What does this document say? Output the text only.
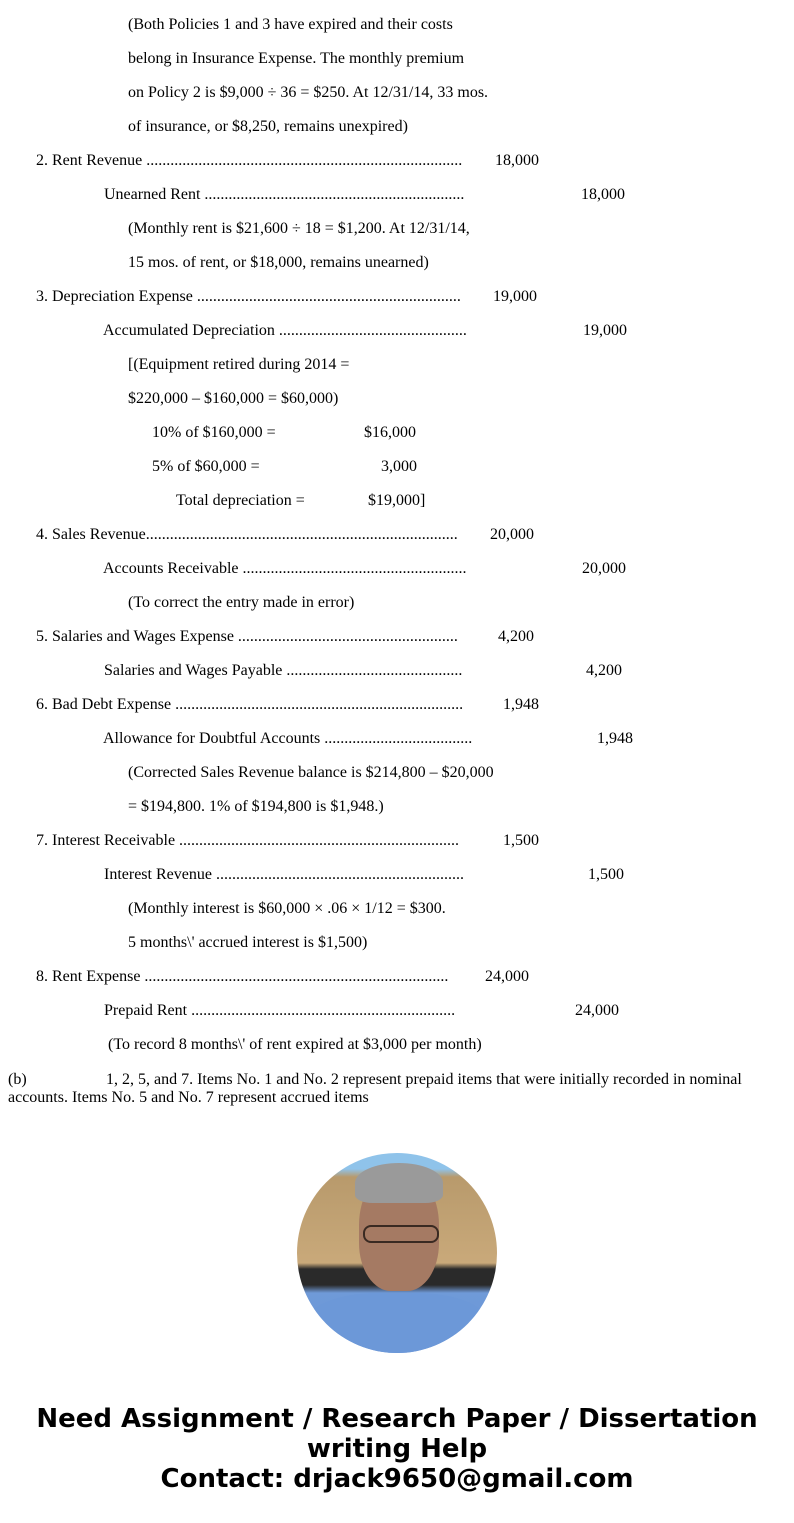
(Both Policies 1 and 3 have expired and their costs
belong in Insurance Expense. The monthly premium
on Policy 2 is $9,000 ÷ 36 = $250. At 12/31/14, 33 mos.
of insurance, or $8,250, remains unexpired)
2. Rent Revenue ............................................................................... 18,000
Unearned Rent .................................................................	18,000
(Monthly rent is $21,600 ÷ 18 = $1,200. At 12/31/14,
15 mos. of rent, or $18,000, remains unearned)
3. Depreciation Expense .................................................................. 19,000
Accumulated Depreciation ...............................................	19,000
[(Equipment retired during 2014 =
$220,000 – $160,000 = $60,000)
10% of $160,000 =	$16,000
5% of $60,000 =	3,000
Total depreciation =	$19,000]
4. Sales Revenue.............................................................................. 20,000
Accounts Receivable ........................................................	20,000
(To correct the entry made in error)
5. Salaries and Wages Expense .......................................................	4,200
Salaries and Wages Payable ............................................	4,200
6. Bad Debt Expense ........................................................................ 1,948
Allowance for Doubtful Accounts .....................................	1,948
(Corrected Sales Revenue balance is $214,800 – $20,000
= $194,800. 1% of $194,800 is $1,948.)
7. Interest Receivable ......................................................................	1,500
Interest Revenue ..............................................................	1,500
(Monthly interest is $60,000 × .06 × 1/12 = $300.
5 months\' accrued interest is $1,500)
8. Rent Expense ............................................................................ 24,000
Prepaid Rent ..................................................................	24,000
(To record 8 months\' of rent expired at $3,000 per month)
(b)	1, 2, 5, and 7. Items No. 1 and No. 2 represent prepaid items that were initially recorded in nominal accounts. Items No. 5 and No. 7 represent accrued items
Need Assignment / Research Paper / Dissertation
writing Help
Contact: drjack9650@gmail.com
